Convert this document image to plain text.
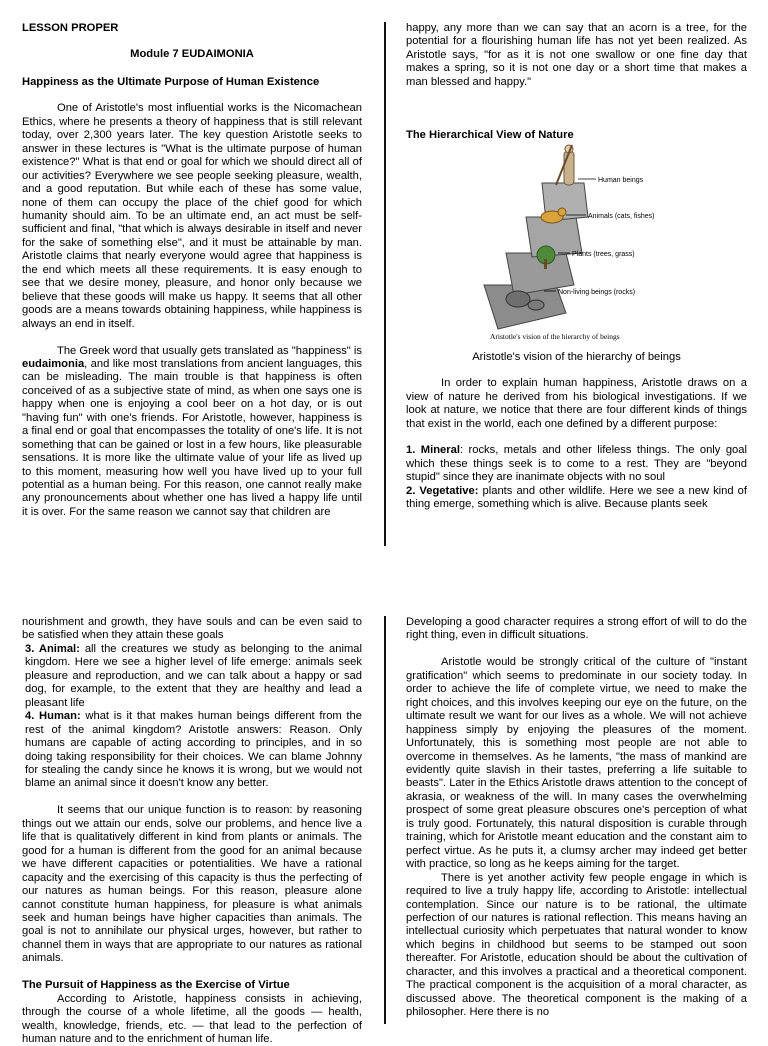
LESSON PROPER

Module 7 EUDAIMONIA

Happiness as the Ultimate Purpose of Human Existence

One of Aristotle's most influential works is the Nicomachean Ethics, where he presents a theory of happiness that is still relevant today, over 2,300 years later. The key question Aristotle seeks to answer in these lectures is "What is the ultimate purpose of human existence?" What is that end or goal for which we should direct all of our activities? Everywhere we see people seeking pleasure, wealth, and a good reputation. But while each of these has some value, none of them can occupy the place of the chief good for which humanity should aim. To be an ultimate end, an act must be self-sufficient and final, "that which is always desirable in itself and never for the sake of something else", and it must be attainable by man. Aristotle claims that nearly everyone would agree that happiness is the end which meets all these requirements. It is easy enough to see that we desire money, pleasure, and honor only because we believe that these goods will make us happy. It seems that all other goods are a means towards obtaining happiness, while happiness is always an end in itself.

The Greek word that usually gets translated as "happiness" is eudaimonia, and like most translations from ancient languages, this can be misleading. The main trouble is that happiness is often conceived of as a subjective state of mind, as when one says one is happy when one is enjoying a cool beer on a hot day, or is out "having fun" with one's friends. For Aristotle, however, happiness is a final end or goal that encompasses the totality of one's life. It is not something that can be gained or lost in a few hours, like pleasurable sensations. It is more like the ultimate value of your life as lived up to this moment, measuring how well you have lived up to your full potential as a human being. For this reason, one cannot really make any pronouncements about whether one has lived a happy life until it is over. For the same reason we cannot say that children are

happy, any more than we can say that an acorn is a tree, for the potential for a flourishing human life has not yet been realized. As Aristotle says, "for as it is not one swallow or one fine day that makes a spring, so it is not one day or a short time that makes a man blessed and happy."

The Hierarchical View of Nature

Human beings
Animals (cats, fishes)
Plants (trees, grass)
Non-living beings (rocks)
Aristotle's vision of the hierarchy of beings

Aristotle's vision of the hierarchy of beings

In order to explain human happiness, Aristotle draws on a view of nature he derived from his biological investigations. If we look at nature, we notice that there are four different kinds of things that exist in the world, each one defined by a different purpose:

1. Mineral: rocks, metals and other lifeless things. The only goal which these things seek is to come to a rest. They are "beyond stupid" since they are inanimate objects with no soul

2. Vegetative: plants and other wildlife. Here we see a new kind of thing emerge, something which is alive. Because plants seek

nourishment and growth, they have souls and can be even said to be satisfied when they attain these goals

3. Animal: all the creatures we study as belonging to the animal kingdom. Here we see a higher level of life emerge: animals seek pleasure and reproduction, and we can talk about a happy or sad dog, for example, to the extent that they are healthy and lead a pleasant life

4. Human: what is it that makes human beings different from the rest of the animal kingdom? Aristotle answers: Reason. Only humans are capable of acting according to principles, and in so doing taking responsibility for their choices. We can blame Johnny for stealing the candy since he knows it is wrong, but we would not blame an animal since it doesn't know any better.

It seems that our unique function is to reason: by reasoning things out we attain our ends, solve our problems, and hence live a life that is qualitatively different in kind from plants or animals. The good for a human is different from the good for an animal because we have different capacities or potentialities. We have a rational capacity and the exercising of this capacity is thus the perfecting of our natures as human beings. For this reason, pleasure alone cannot constitute human happiness, for pleasure is what animals seek and human beings have higher capacities than animals. The goal is not to annihilate our physical urges, however, but rather to channel them in ways that are appropriate to our natures as rational animals.

The Pursuit of Happiness as the Exercise of Virtue

According to Aristotle, happiness consists in achieving, through the course of a whole lifetime, all the goods — health, wealth, knowledge, friends, etc. — that lead to the perfection of human nature and to the enrichment of human life.

Developing a good character requires a strong effort of will to do the right thing, even in difficult situations.

Aristotle would be strongly critical of the culture of "instant gratification" which seems to predominate in our society today. In order to achieve the life of complete virtue, we need to make the right choices, and this involves keeping our eye on the future, on the ultimate result we want for our lives as a whole. We will not achieve happiness simply by enjoying the pleasures of the moment. Unfortunately, this is something most people are not able to overcome in themselves. As he laments, "the mass of mankind are evidently quite slavish in their tastes, preferring a life suitable to beasts". Later in the Ethics Aristotle draws attention to the concept of akrasia, or weakness of the will. In many cases the overwhelming prospect of some great pleasure obscures one's perception of what is truly good. Fortunately, this natural disposition is curable through training, which for Aristotle meant education and the constant aim to perfect virtue. As he puts it, a clumsy archer may indeed get better with practice, so long as he keeps aiming for the target.

There is yet another activity few people engage in which is required to live a truly happy life, according to Aristotle: intellectual contemplation. Since our nature is to be rational, the ultimate perfection of our natures is rational reflection. This means having an intellectual curiosity which perpetuates that natural wonder to know which begins in childhood but seems to be stamped out soon thereafter. For Aristotle, education should be about the cultivation of character, and this involves a practical and a theoretical component. The practical component is the acquisition of a moral character, as discussed above. The theoretical component is the making of a philosopher. Here there is no
